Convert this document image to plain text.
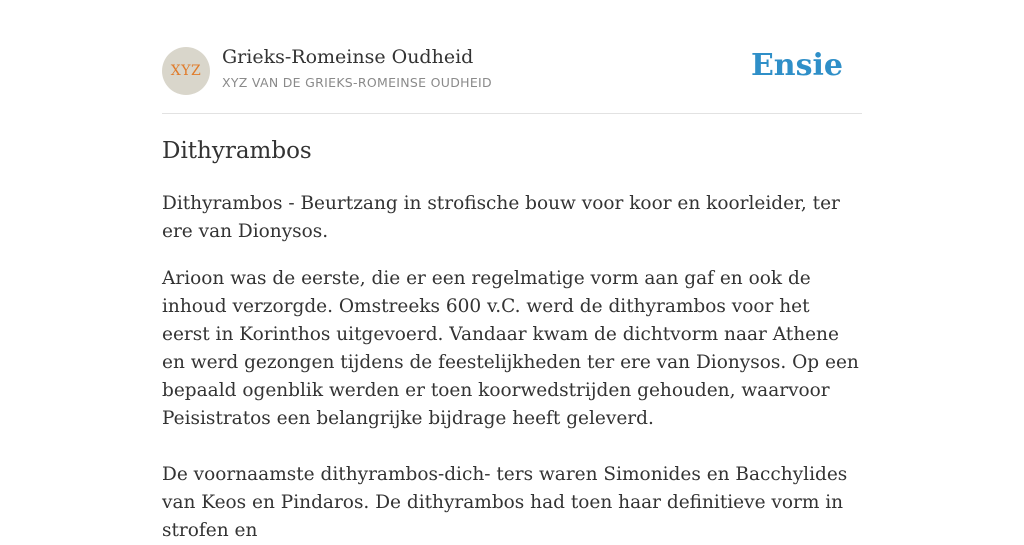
XYZ
Grieks-Romeinse Oudheid
XYZ VAN DE GRIEKS-ROMEINSE OUDHEID	Ensie
Dithyrambos

Dithyrambos - Beurtzang in strofische bouw voor koor en koorleider, ter ere van Dionysos.

Arioon was de eerste, die er een regelmatige vorm aan gaf en ook de inhoud verzorgde. Omstreeks 600 v.C. werd de dithyrambos voor het eerst in Korinthos uitgevoerd. Vandaar kwam de dichtvorm naar Athene en werd gezongen tijdens de feestelijkheden ter ere van Dionysos. Op een bepaald ogenblik werden er toen koorwedstrijden gehouden, waarvoor Peisistratos een belangrijke bijdrage heeft geleverd.

De voornaamste dithyrambos-dich- ters waren Simonides en Bacchylides van Keos en Pindaros. De dithyrambos had toen haar definitieve vorm in strofen en
